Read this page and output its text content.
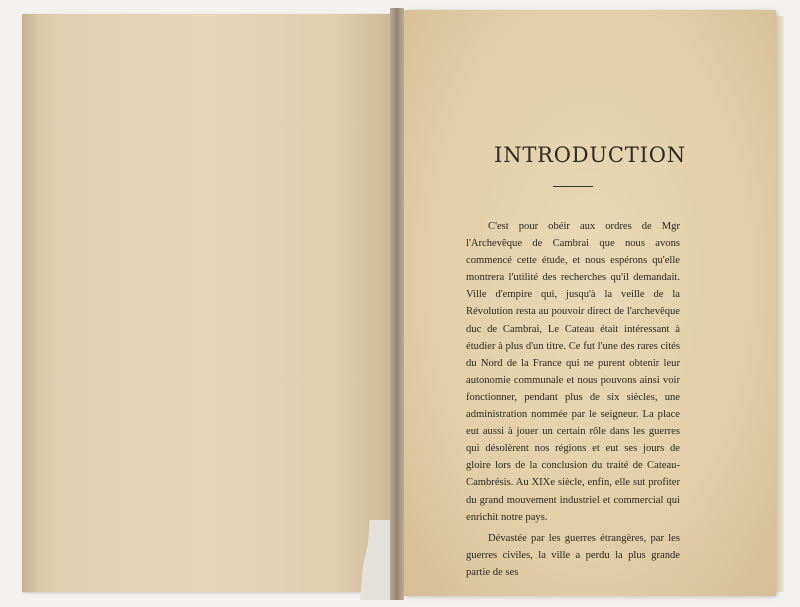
INTRODUCTION

C'est pour obéir aux ordres de Mgr l'Archevêque de Cambrai que nous avons commencé cette étude, et nous espérons qu'elle montrera l'utilité des recherches qu'il demandait. Ville d'empire qui, jusqu'à la veille de la Révolution resta au pouvoir direct de l'archevêque duc de Cambrai, Le Cateau était intéressant à étudier à plus d'un titre. Ce fut l'une des rares cités du Nord de la France qui ne purent obtenir leur autonomie communale et nous pouvons ainsi voir fonctionner, pendant plus de six siècles, une administration nommée par le seigneur. La place eut aussi à jouer un certain rôle dans les guerres qui désolèrent nos régions et eut ses jours de gloire lors de la conclusion du traité de Cateau-Cambrésis. Au XIXe siècle, enfin, elle sut profiter du grand mouvement industriel et commercial qui enrichit notre pays.

Dévastée par les guerres étrangères, par les guerres civiles, la ville a perdu la plus grande partie de ses
